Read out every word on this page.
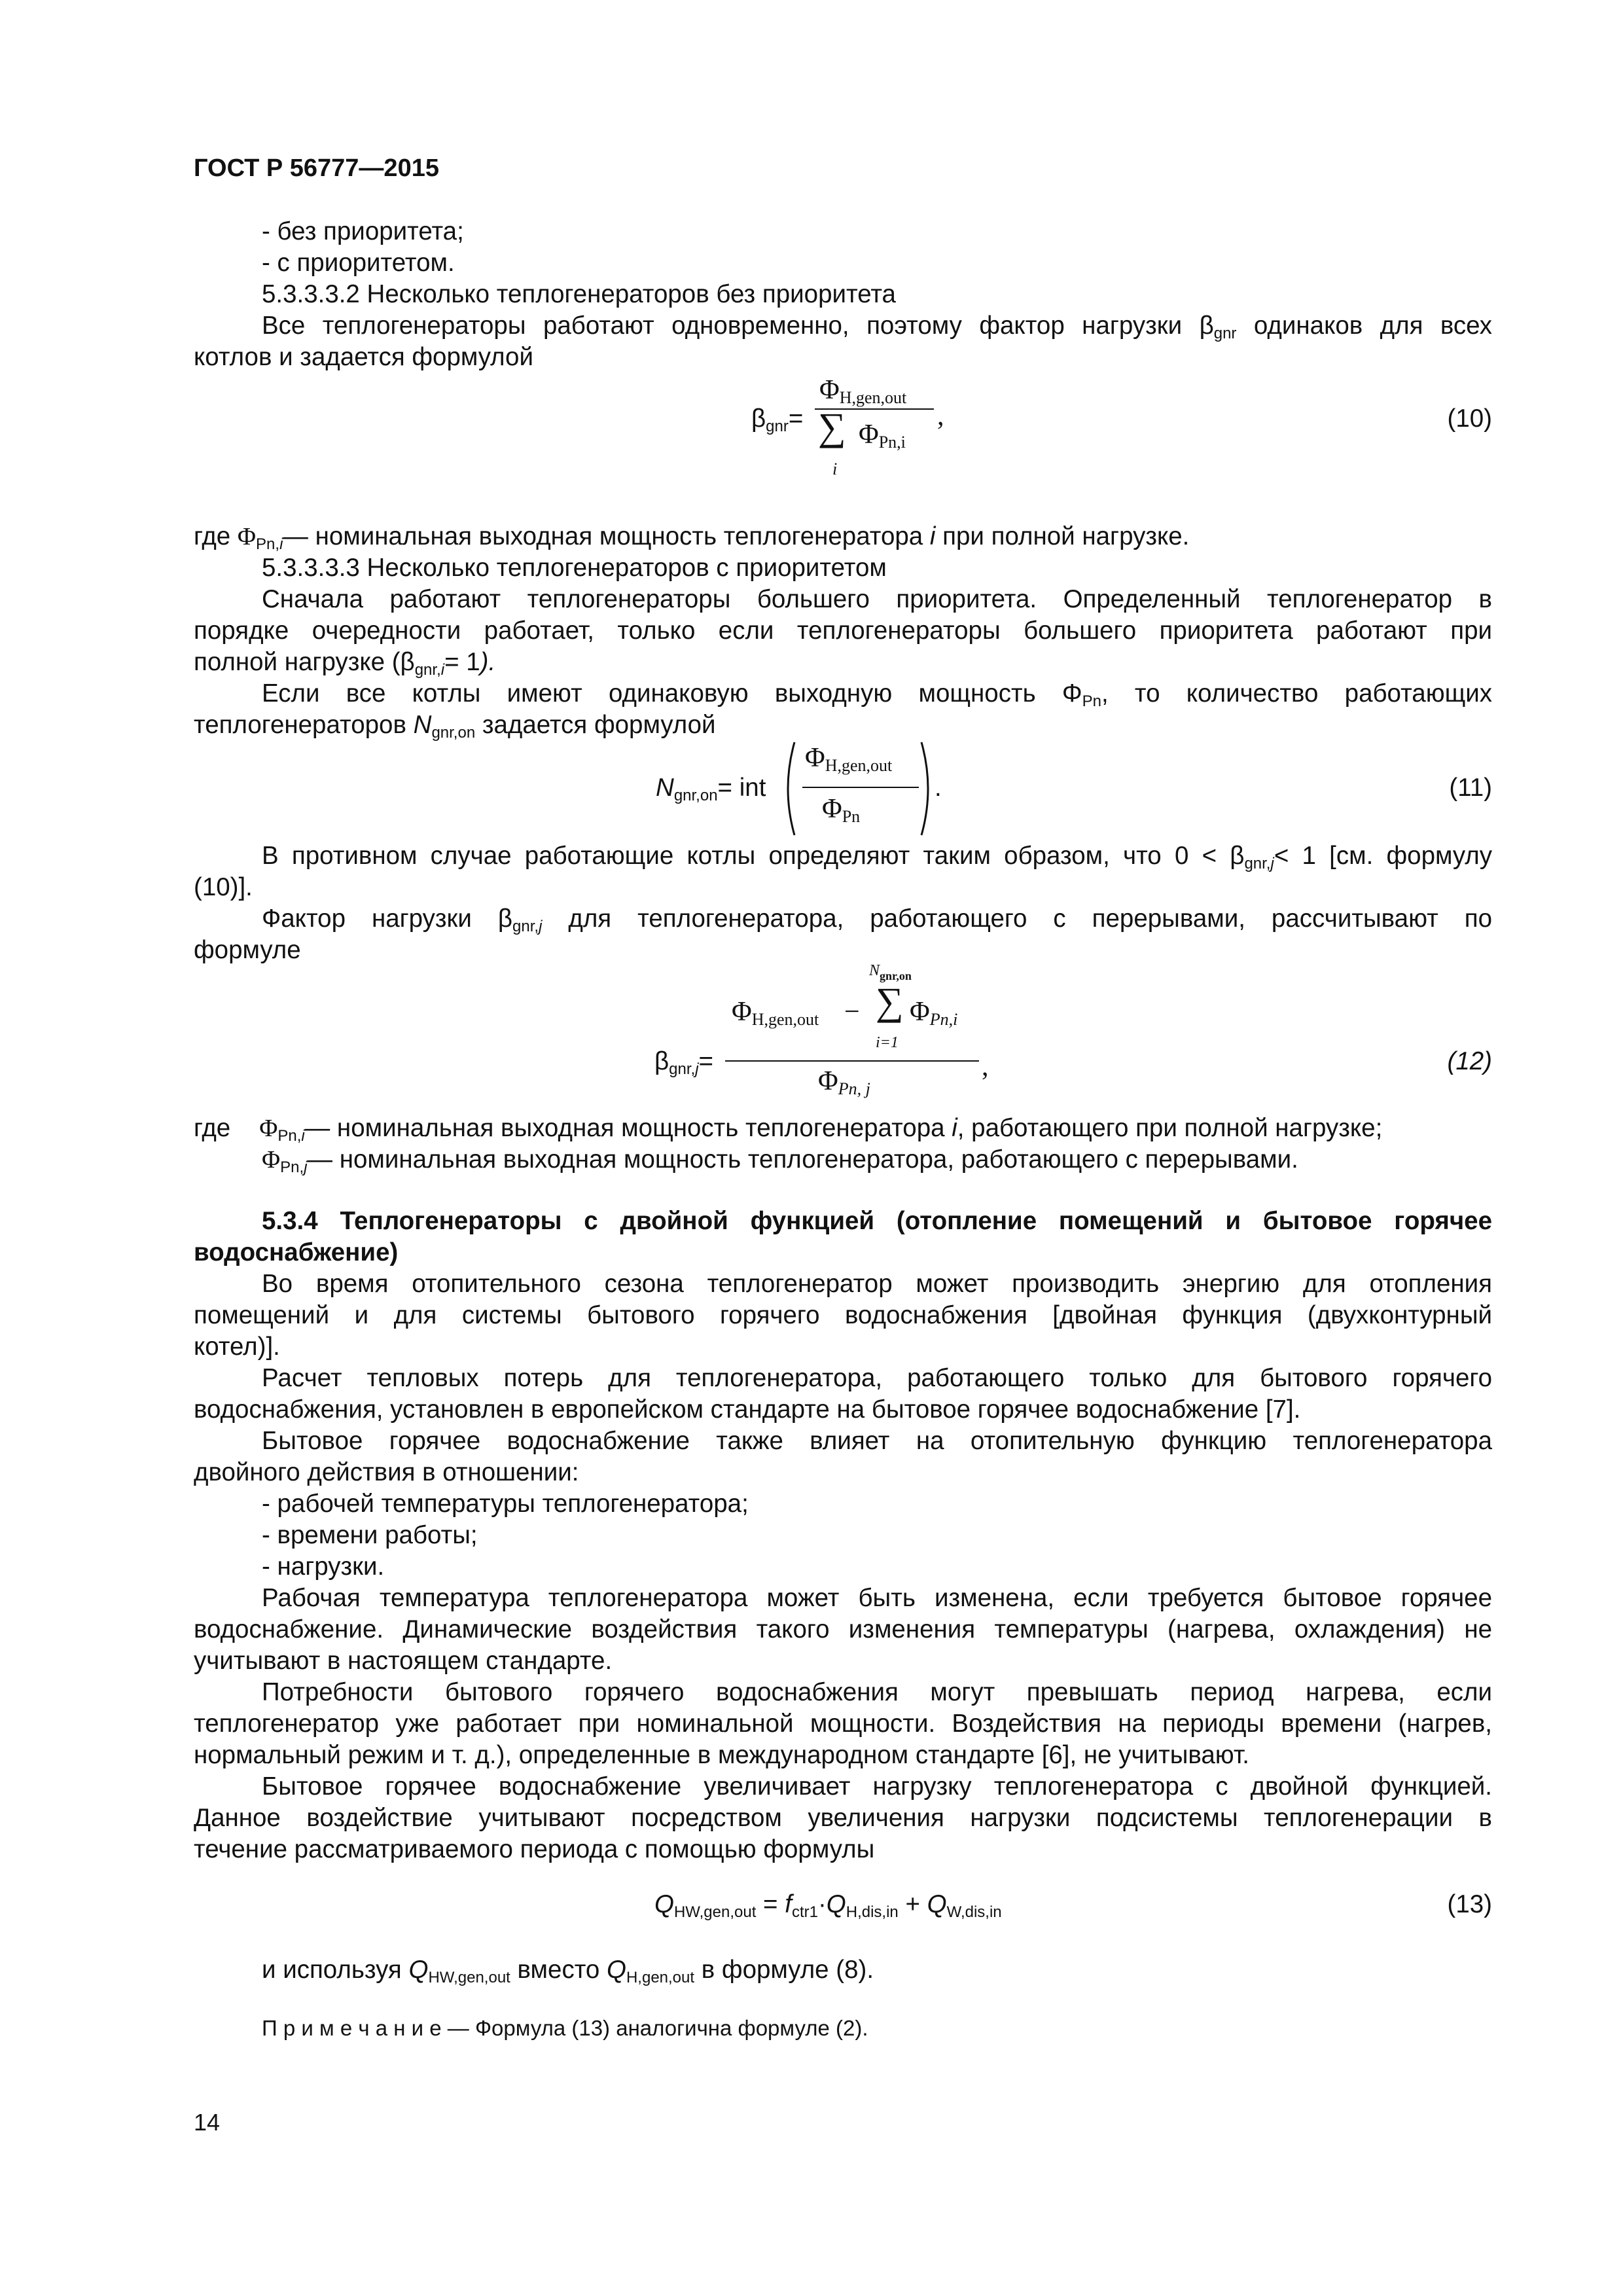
ГОСТ Р 56777—2015
- без приоритета;
- с приоритетом.
5.3.3.3.2 Несколько теплогенераторов без приоритета
Все теплогенераторы работают одновременно, поэтому фактор нагрузки $\beta_{gnr}$ одинаков для всех
котлов и задается формулой
$\beta_{gnr}=$
$\Phi_{H,gen,out}$
∑
i
$\Phi_{Pn,i}$
,	(10)
где $\Phi_{Pn,i}—$ номинальная выходная мощность теплогенератора i при полной нагрузке.
5.3.3.3.3 Несколько теплогенераторов с приоритетом
Сначала работают теплогенераторы большего приоритета. Определенный теплогенератор в
порядке очередности работает, только если теплогенераторы большего приоритета работают при
полной нагрузке $(\beta_{gnr,i}= 1)$.
Если все котлы имеют одинаковую выходную мощность $\Phi_{Pn}$, то количество работающих
теплогенераторов $N_{gnr,on}$ задается формулой
$N_{gnr,on}=$ int
$\Phi_{H,gen,out}$
$\Phi_{Pn}$
.	(11)
В противном случае работающие котлы определяют таким образом, что $0 < \beta_{gnr,j}< 1$ [см. формулу
(10)].
Фактор нагрузки $\beta_{gnr,j}$ для теплогенератора, работающего с перерывами, рассчитывают по
формуле
$\beta_{gnr,j}=$
$N_{gnr,on}$
$\Phi_{H,gen,out}$ − ∑ $\Phi_{Pn,i}$
i=1
$\Phi_{Pn, j}$
,	(12)
где $\Phi_{Pn,i}—$ номинальная выходная мощность теплогенератора i, работающего при полной нагрузке;
$\Phi_{Pn,j}—$ номинальная выходная мощность теплогенератора, работающего с перерывами.
5.3.4 Теплогенераторы с двойной функцией (отопление помещений и бытовое горячее
водоснабжение)
Во время отопительного сезона теплогенератор может производить энергию для отопления
помещений и для системы бытового горячего водоснабжения [двойная функция (двухконтурный
котел)].
Расчет тепловых потерь для теплогенератора, работающего только для бытового горячего
водоснабжения, установлен в европейском стандарте на бытовое горячее водоснабжение [7].
Бытовое горячее водоснабжение также влияет на отопительную функцию теплогенератора
двойного действия в отношении:
- рабочей температуры теплогенератора;
- времени работы;
- нагрузки.
Рабочая температура теплогенератора может быть изменена, если требуется бытовое горячее
водоснабжение. Динамические воздействия такого изменения температуры (нагрева, охлаждения) не
учитывают в настоящем стандарте.
Потребности бытового горячего водоснабжения могут превышать период нагрева, если
теплогенератор уже работает при номинальной мощности. Воздействия на периоды времени (нагрев,
нормальный режим и т. д.), определенные в международном стандарте [6], не учитывают.
Бытовое горячее водоснабжение увеличивает нагрузку теплогенератора с двойной функцией.
Данное воздействие учитывают посредством увеличения нагрузки подсистемы теплогенерации в
течение рассматриваемого периода с помощью формулы
$Q_{HW,gen,out} = f_{ctr1}\cdot Q_{H,dis,in} + Q_{W,dis,in}$	(13)
и используя $Q_{HW,gen,out}$ вместо $Q_{H,gen,out}$ в формуле (8).
П р и м е ч а н и е — Формула (13) аналогична формуле (2).
14
